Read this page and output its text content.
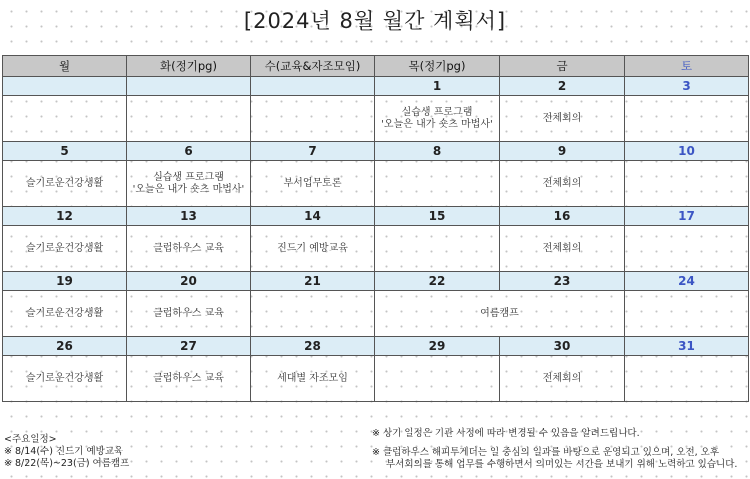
[2024년 8월 월간 계획서]
월	화(정기pg)	수(교육&자조모임)	목(정기pg)	금	토
			1	2	3

			실습생 프로그램
'오늘은 내가 숏츠 마법사'	전체회의	

5	6	7	8	9	10

슬기로운건강생활	실습생 프로그램
'오늘은 내가 숏츠 마법사'	부서업무토론		전체회의	

12	13	14	15	16	17

슬기로운건강생활	클럽하우스 교육	진드기 예방교육		전체회의	

19	20	21	22	23	24

슬기로운건강생활	클럽하우스 교육		여름캠프		

26	27	28	29	30	31

슬기로운건강생활	클럽하우스 교육	세대별 자조모임		전체회의	

<주요일정>
※ 8/14(수) 진드기 예방교육
※ 8/22(목)~23(금) 여름캠프
※ 상기 일정은 기관 사정에 따라 변경될 수 있음을 알려드립니다.
※ 클럽하우스 해피투게더는 일 중심의 일과를 바탕으로 운영되고 있으며, 오전, 오후
부서회의를 통해 업무를 수행하면서 의미있는 시간을 보내기 위해 노력하고 있습니다.
